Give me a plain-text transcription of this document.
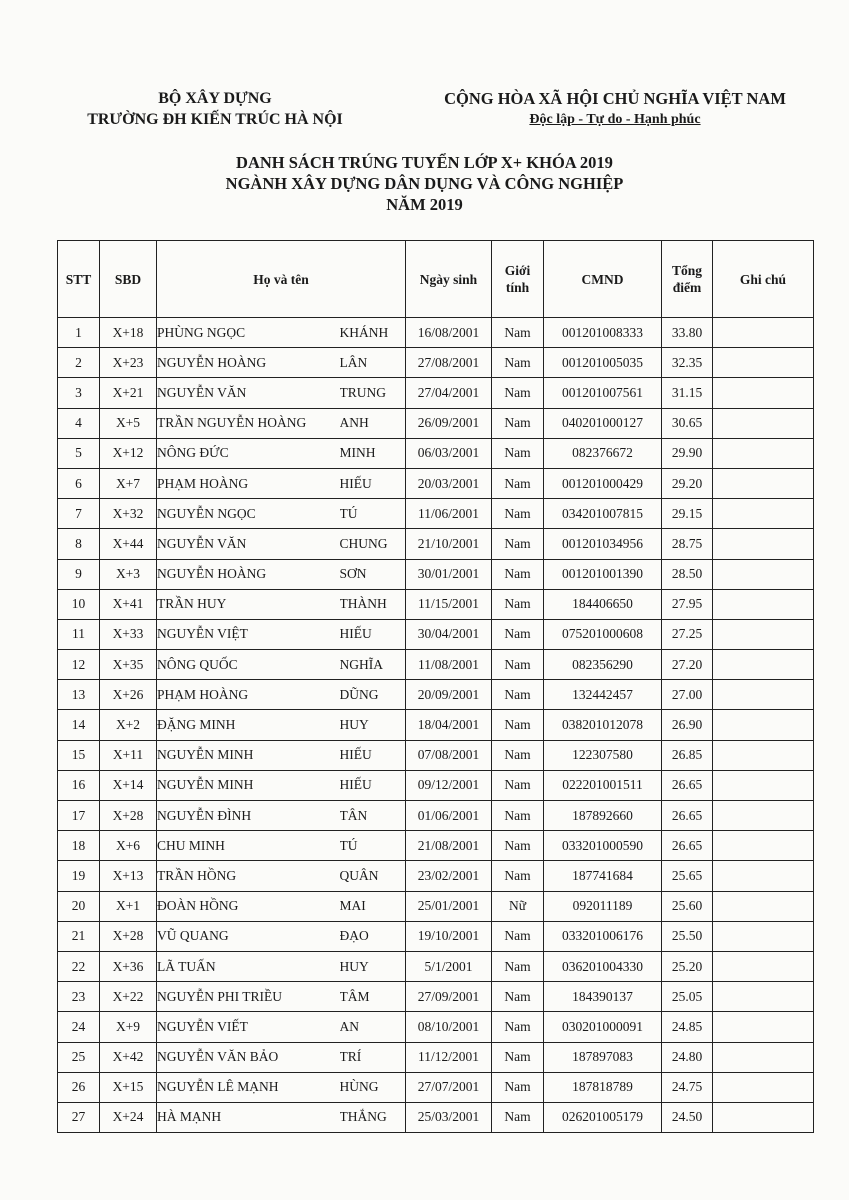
BỘ XÂY DỰNG
TRƯỜNG ĐH KIẾN TRÚC HÀ NỘI
CỘNG HÒA XÃ HỘI CHỦ NGHĨA VIỆT NAM
Độc lập - Tự do - Hạnh phúc
DANH SÁCH TRÚNG TUYỂN LỚP X+ KHÓA 2019
NGÀNH XÂY DỰNG DÂN DỤNG VÀ CÔNG NGHIỆP
NĂM 2019
STT	SBD	Họ và tên		Ngày sinh	Giới tính	CMND	Tổng điểm	Ghi chú
1	X+18	PHÙNG NGỌC	KHÁNH	16/08/2001	Nam	001201008333	33.80	
2	X+23	NGUYỄN HOÀNG	LÂN	27/08/2001	Nam	001201005035	32.35	
3	X+21	NGUYỄN VĂN	TRUNG	27/04/2001	Nam	001201007561	31.15	
4	X+5	TRẦN NGUYỄN HOÀNG	ANH	26/09/2001	Nam	040201000127	30.65	
5	X+12	NÔNG ĐỨC	MINH	06/03/2001	Nam	082376672	29.90	
6	X+7	PHẠM HOÀNG	HIẾU	20/03/2001	Nam	001201000429	29.20	
7	X+32	NGUYỄN NGỌC	TÚ	11/06/2001	Nam	034201007815	29.15	
8	X+44	NGUYỄN VĂN	CHUNG	21/10/2001	Nam	001201034956	28.75	
9	X+3	NGUYỄN HOÀNG	SƠN	30/01/2001	Nam	001201001390	28.50	
10	X+41	TRẦN HUY	THÀNH	11/15/2001	Nam	184406650	27.95	
11	X+33	NGUYỄN VIỆT	HIẾU	30/04/2001	Nam	075201000608	27.25	
12	X+35	NÔNG QUỐC	NGHĨA	11/08/2001	Nam	082356290	27.20	
13	X+26	PHẠM HOÀNG	DŨNG	20/09/2001	Nam	132442457	27.00	
14	X+2	ĐẶNG MINH	HUY	18/04/2001	Nam	038201012078	26.90	
15	X+11	NGUYỄN MINH	HIẾU	07/08/2001	Nam	122307580	26.85	
16	X+14	NGUYỄN MINH	HIẾU	09/12/2001	Nam	022201001511	26.65	
17	X+28	NGUYỄN ĐÌNH	TÂN	01/06/2001	Nam	187892660	26.65	
18	X+6	CHU MINH	TÚ	21/08/2001	Nam	033201000590	26.65	
19	X+13	TRẦN HỒNG	QUÂN	23/02/2001	Nam	187741684	25.65	
20	X+1	ĐOÀN HỒNG	MAI	25/01/2001	Nữ	092011189	25.60	
21	X+28	VŨ QUANG	ĐẠO	19/10/2001	Nam	033201006176	25.50	
22	X+36	LÃ TUẤN	HUY	5/1/2001	Nam	036201004330	25.20	
23	X+22	NGUYỄN PHI TRIỀU	TÂM	27/09/2001	Nam	184390137	25.05	
24	X+9	NGUYỄN VIẾT	AN	08/10/2001	Nam	030201000091	24.85	
25	X+42	NGUYỄN VĂN BẢO	TRÍ	11/12/2001	Nam	187897083	24.80	
26	X+15	NGUYỄN LÊ MẠNH	HÙNG	27/07/2001	Nam	187818789	24.75	
27	X+24	HÀ MẠNH	THẮNG	25/03/2001	Nam	026201005179	24.50	
